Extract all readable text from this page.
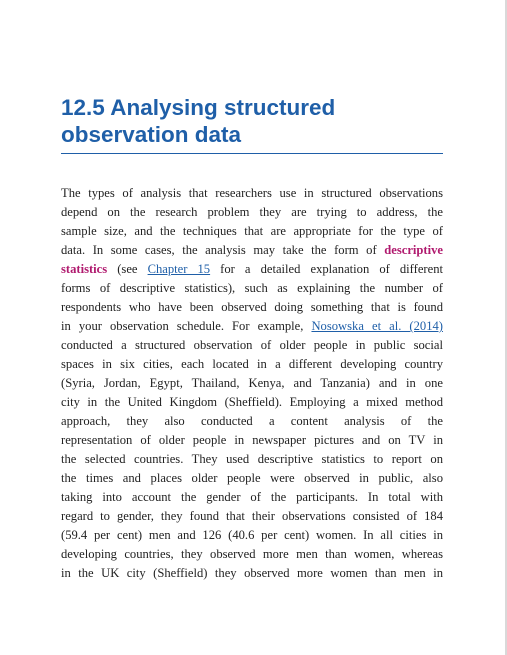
12.5 Analysing structured
observation data
The types of analysis that researchers use in structured observations
depend on the research problem they are trying to address, the
sample size, and the techniques that are appropriate for the type of
data. In some cases, the analysis may take the form of descriptive
statistics (see Chapter 15 for a detailed explanation of different
forms of descriptive statistics), such as explaining the number of
respondents who have been observed doing something that is found
in your observation schedule. For example, Nosowska et al. (2014)
conducted a structured observation of older people in public social
spaces in six cities, each located in a different developing country
(Syria, Jordan, Egypt, Thailand, Kenya, and Tanzania) and in one
city in the United Kingdom (Sheffield). Employing a mixed method
approach, they also conducted a content analysis of the
representation of older people in newspaper pictures and on TV in
the selected countries. They used descriptive statistics to report on
the times and places older people were observed in public, also
taking into account the gender of the participants. In total with
regard to gender, they found that their observations consisted of 184
(59.4 per cent) men and 126 (40.6 per cent) women. In all cities in
developing countries, they observed more men than women, whereas
in the UK city (Sheffield) they observed more women than men in
